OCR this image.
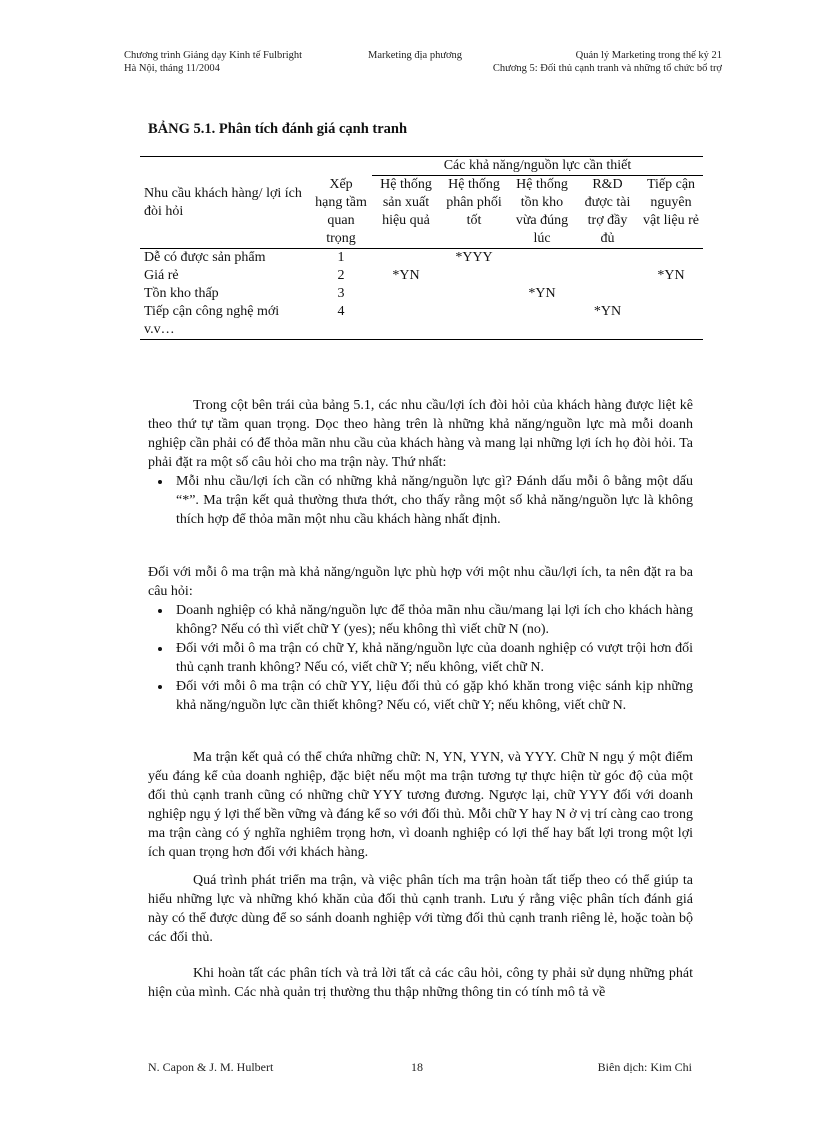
Chương trình Giảng dạy Kinh tế Fulbright
Hà Nội, tháng 11/2004
Marketing địa phương	Quản lý Marketing trong thế kỷ 21
Chương 5: Đối thủ cạnh tranh và những tổ chức bổ trợ
BẢNG 5.1. Phân tích đánh giá cạnh tranh
		Các khả năng/nguồn lực cần thiết				
Nhu cầu khách hàng/ lợi ích đòi hỏi	Xếp hạng tầm quan trọng	Hệ thống sản xuất hiệu quả	Hệ thống phân phối tốt	Hệ thống tồn kho vừa đúng lúc	R&D được tài trợ đầy đủ	Tiếp cận nguyên vật liệu rẻ
Dễ có được sản phẩm	1		*YYY			
Giá rẻ	2	*YN				*YN
Tồn kho thấp	3			*YN		
Tiếp cận công nghệ mới	4				*YN	
v.v…						

Trong cột bên trái của bảng 5.1, các nhu cầu/lợi ích đòi hỏi của khách hàng được liệt kê theo thứ tự tầm quan trọng. Dọc theo hàng trên là những khả năng/nguồn lực mà mỗi doanh nghiệp cần phải có để thỏa mãn nhu cầu của khách hàng và mang lại những lợi ích họ đòi hỏi. Ta phải đặt ra một số câu hỏi cho ma trận này. Thứ nhất:

• Mỗi nhu cầu/lợi ích cần có những khả năng/nguồn lực gì? Đánh dấu mỗi ô bằng một dấu “*”. Ma trận kết quả thường thưa thớt, cho thấy rằng một số khả năng/nguồn lực là không thích hợp để thỏa mãn một nhu cầu khách hàng nhất định.

Đối với mỗi ô ma trận mà khả năng/nguồn lực phù hợp với một nhu cầu/lợi ích, ta nên đặt ra ba câu hỏi:

• Doanh nghiệp có khả năng/nguồn lực để thỏa mãn nhu cầu/mang lại lợi ích cho khách hàng không? Nếu có thì viết chữ Y (yes); nếu không thì viết chữ N (no).
• Đối với mỗi ô ma trận có chữ Y, khả năng/nguồn lực của doanh nghiệp có vượt trội hơn đối thủ cạnh tranh không? Nếu có, viết chữ Y; nếu không, viết chữ N.
• Đối với mỗi ô ma trận có chữ YY, liệu đối thủ có gặp khó khăn trong việc sánh kịp những khả năng/nguồn lực cần thiết không? Nếu có, viết chữ Y; nếu không, viết chữ N.

Ma trận kết quả có thể chứa những chữ: N, YN, YYN, và YYY. Chữ N ngụ ý một điểm yếu đáng kể của doanh nghiệp, đặc biệt nếu một ma trận tương tự thực hiện từ góc độ của một đối thủ cạnh tranh cũng có những chữ YYY tương đương. Ngược lại, chữ YYY đối với doanh nghiệp ngụ ý lợi thế bền vững và đáng kể so với đối thủ. Mỗi chữ Y hay N ở vị trí càng cao trong ma trận càng có ý nghĩa nghiêm trọng hơn, vì doanh nghiệp có lợi thế hay bất lợi trong một lợi ích quan trọng hơn đối với khách hàng.

Quá trình phát triển ma trận, và việc phân tích ma trận hoàn tất tiếp theo có thể giúp ta hiểu những lực và những khó khăn của đối thủ cạnh tranh. Lưu ý rằng việc phân tích đánh giá này có thể được dùng để so sánh doanh nghiệp với từng đối thủ cạnh tranh riêng lẻ, hoặc toàn bộ các đối thủ.

Khi hoàn tất các phân tích và trả lời tất cả các câu hỏi, công ty phải sử dụng những phát hiện của mình. Các nhà quản trị thường thu thập những thông tin có tính mô tả về

N. Capon & J. M. Hulbert	18	Biên dịch: Kim Chi
